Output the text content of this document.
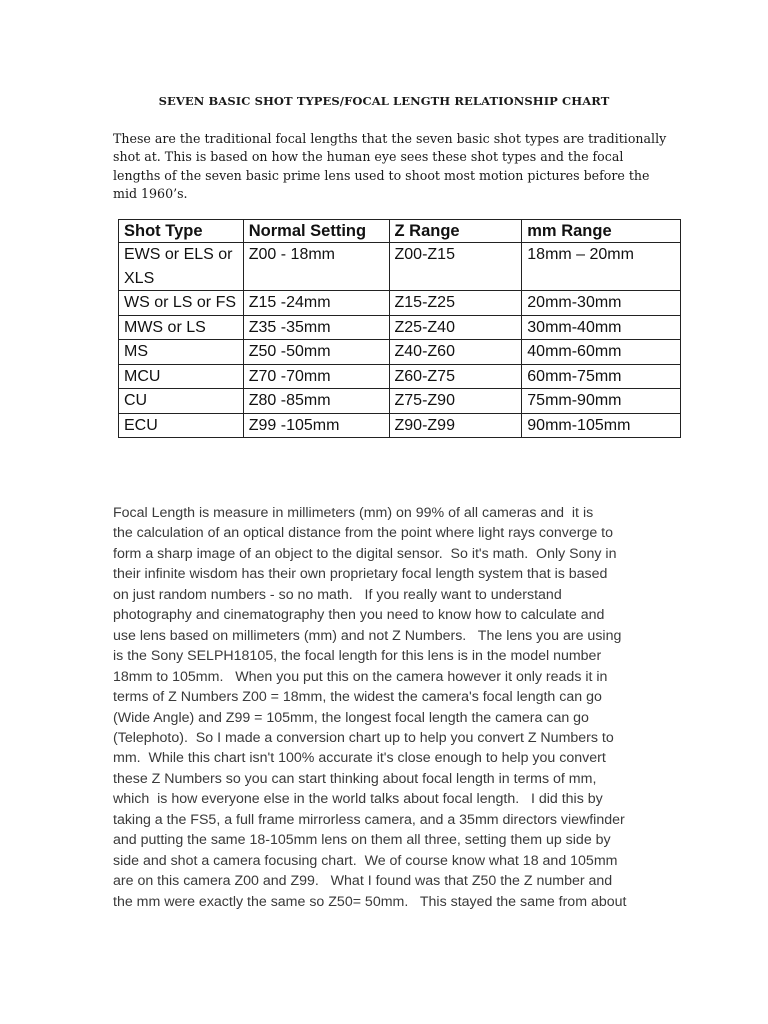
SEVEN BASIC SHOT TYPES/FOCAL LENGTH RELATIONSHIP CHART

These are the traditional focal lengths that the seven basic shot types are traditionally shot at. This is based on how the human eye sees these shot types and the focal lengths of the seven basic prime lens used to shoot most motion pictures before the mid 1960’s.

Shot Type	Normal Setting	Z Range	mm Range
EWS or ELS or XLS	Z00 - 18mm	Z00-Z15	18mm – 20mm
WS or LS or FS	Z15 -24mm	Z15-Z25	20mm-30mm
MWS or LS	Z35 -35mm	Z25-Z40	30mm-40mm
MS	Z50 -50mm	Z40-Z60	40mm-60mm
MCU	Z70 -70mm	Z60-Z75	60mm-75mm
CU	Z80 -85mm	Z75-Z90	75mm-90mm
ECU	Z99 -105mm	Z90-Z99	90mm-105mm
Focal Length is measure in millimeters (mm) on 99% of all cameras and  it is
the calculation of an optical distance from the point where light rays converge to
form a sharp image of an object to the digital sensor.  So it's math.  Only Sony in
their infinite wisdom has their own proprietary focal length system that is based
on just random numbers - so no math.   If you really want to understand
photography and cinematography then you need to know how to calculate and
use lens based on millimeters (mm) and not Z Numbers.   The lens you are using
is the Sony SELPH18105, the focal length for this lens is in the model number
18mm to 105mm.   When you put this on the camera however it only reads it in
terms of Z Numbers Z00 = 18mm, the widest the camera's focal length can go
(Wide Angle) and Z99 = 105mm, the longest focal length the camera can go
(Telephoto).  So I made a conversion chart up to help you convert Z Numbers to
mm.  While this chart isn't 100% accurate it's close enough to help you convert
these Z Numbers so you can start thinking about focal length in terms of mm,
which  is how everyone else in the world talks about focal length.   I did this by
taking a the FS5, a full frame mirrorless camera, and a 35mm directors viewfinder
and putting the same 18-105mm lens on them all three, setting them up side by
side and shot a camera focusing chart.  We of course know what 18 and 105mm
are on this camera Z00 and Z99.   What I found was that Z50 the Z number and
the mm were exactly the same so Z50= 50mm.   This stayed the same from about
